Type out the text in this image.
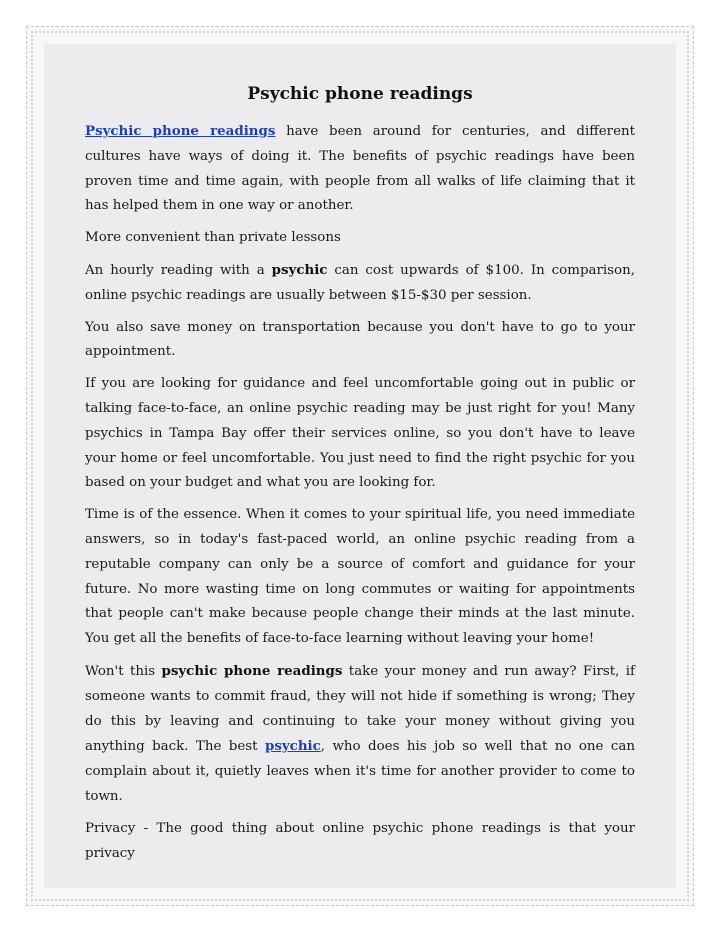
Psychic phone readings

Psychic phone readings have been around for centuries, and different cultures have ways of doing it. The benefits of psychic readings have been proven time and time again, with people from all walks of life claiming that it has helped them in one way or another.

More convenient than private lessons

An hourly reading with a psychic can cost upwards of $100. In comparison, online psychic readings are usually between $15-$30 per session.

You also save money on transportation because you don't have to go to your appointment.

If you are looking for guidance and feel uncomfortable going out in public or talking face-to-face, an online psychic reading may be just right for you! Many psychics in Tampa Bay offer their services online, so you don't have to leave your home or feel uncomfortable. You just need to find the right psychic for you based on your budget and what you are looking for.

Time is of the essence. When it comes to your spiritual life, you need immediate answers, so in today's fast-paced world, an online psychic reading from a reputable company can only be a source of comfort and guidance for your future. No more wasting time on long commutes or waiting for appointments that people can't make because people change their minds at the last minute. You get all the benefits of face-to-face learning without leaving your home!

Won't this psychic phone readings take your money and run away? First, if someone wants to commit fraud, they will not hide if something is wrong; They do this by leaving and continuing to take your money without giving you anything back. The best psychic, who does his job so well that no one can complain about it, quietly leaves when it's time for another provider to come to town.

Privacy - The good thing about online psychic phone readings is that your privacy
